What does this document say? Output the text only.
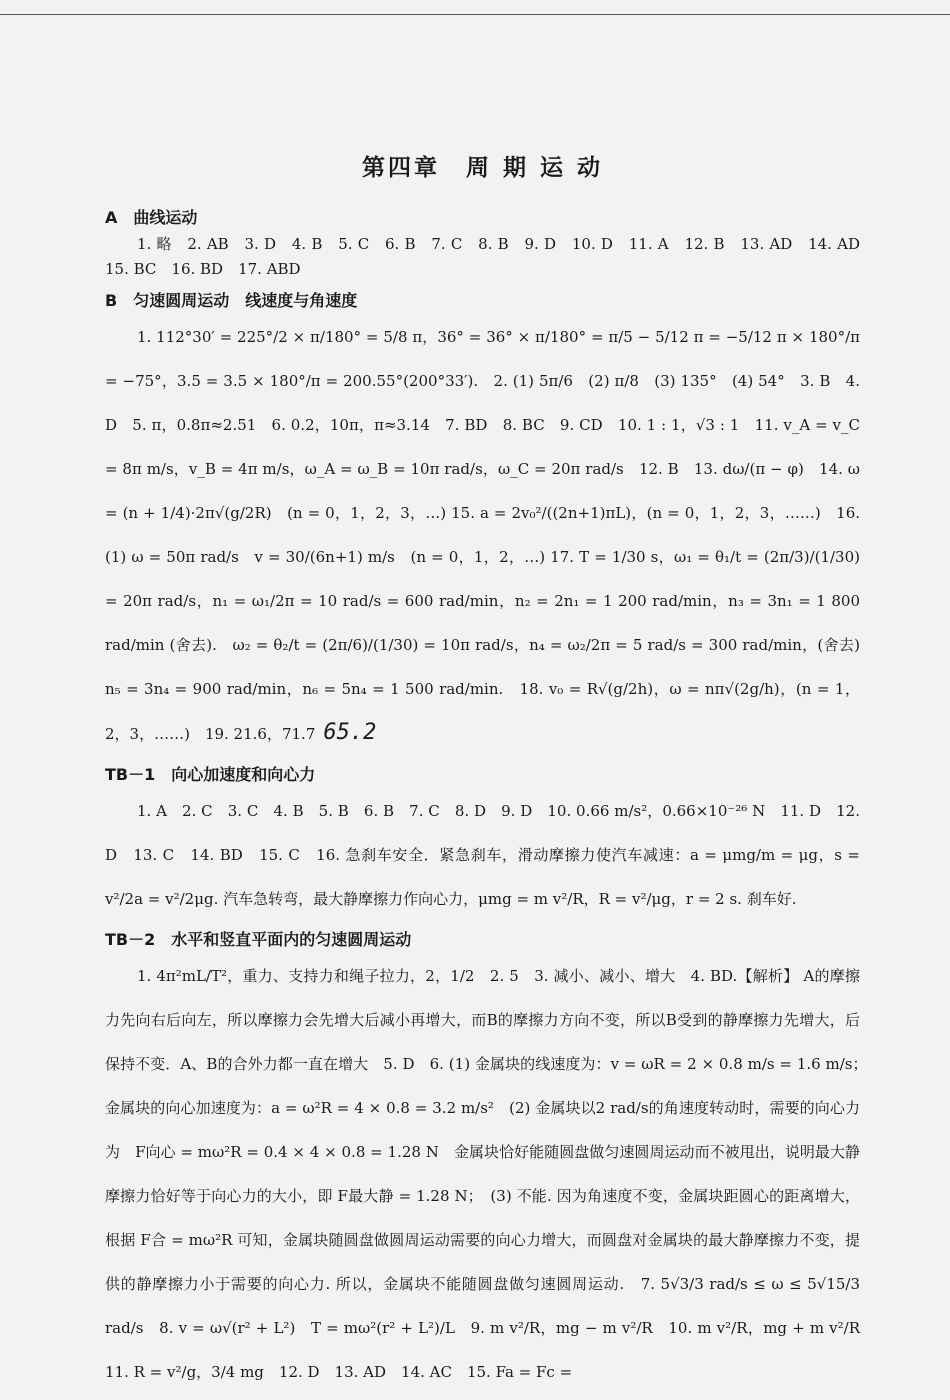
第四章　周 期 运 动
A　曲线运动

1. 略　2. AB　3. D　4. B　5. C　6. B　7. C　8. B　9. D　10. D　11. A　12. B　13. AD　14. AD　15. BC　16. BD　17. ABD

B　匀速圆周运动　线速度与角速度

1. 112°30′ = 225°/2 × π/180° = 5/8 π，36° = 36° × π/180° = π/5 − 5/12 π = −5/12 π × 180°/π = −75°，3.5 = 3.5 × 180°/π = 200.55°(200°33′).　2. (1) 5π/6　(2) π/8　(3) 135°　(4) 54°　3. B　4. D　5. π，0.8π≈2.51　6. 0.2，10π，π≈3.14　7. BD　8. BC　9. CD　10. 1 : 1，√3 : 1　11. v_A = v_C = 8π m/s，v_B = 4π m/s，ω_A = ω_B = 10π rad/s，ω_C = 20π rad/s　12. B　13. dω/(π − φ)　14. ω = (n + 1/4)·2π√(g/2R)　(n = 0，1，2，3，…) 15. a = 2v₀²/((2n+1)πL)，(n = 0，1，2，3，……)　16. (1) ω = 50π rad/s　v = 30/(6n+1) m/s　(n = 0，1，2，…) 17. T = 1/30 s，ω₁ = θ₁/t = (2π/3)/(1/30) = 20π rad/s，n₁ = ω₁/2π = 10 rad/s = 600 rad/min，n₂ = 2n₁ = 1 200 rad/min，n₃ = 3n₁ = 1 800 rad/min (舍去).　ω₂ = θ₂/t = (2π/6)/(1/30) = 10π rad/s，n₄ = ω₂/2π = 5 rad/s = 300 rad/min，(舍去) n₅ = 3n₄ = 900 rad/min，n₆ = 5n₄ = 1 500 rad/min.　18. v₀ = R√(g/2h)，ω = nπ√(2g/h)，(n = 1，2，3，……)　19. 21.6，71.7 65.2

TB－1　向心加速度和向心力

1. A　2. C　3. C　4. B　5. B　6. B　7. C　8. D　9. D　10. 0.66 m/s²，0.66×10⁻²⁶ N　11. D　12. D　13. C　14. BD　15. C　16. 急刹车安全．紧急刹车，滑动摩擦力使汽车减速：a = μmg/m = μg，s = v²/2a = v²/2μg. 汽车急转弯，最大静摩擦力作向心力，μmg = m v²/R，R = v²/μg，r = 2 s. 刹车好.

TB－2　水平和竖直平面内的匀速圆周运动

1. 4π²mL/T²，重力、支持力和绳子拉力，2，1/2　2. 5　3. 减小、减小、增大　4. BD.【解析】 A的摩擦力先向右后向左，所以摩擦力会先增大后减小再增大，而B的摩擦力方向不变，所以B受到的静摩擦力先增大，后保持不变．A、B的合外力都一直在增大　5. D　6. (1) 金属块的线速度为：v = ωR = 2 × 0.8 m/s = 1.6 m/s；　金属块的向心加速度为：a = ω²R = 4 × 0.8 = 3.2 m/s²　(2) 金属块以2 rad/s的角速度转动时，需要的向心力为　F向心 = mω²R = 0.4 × 4 × 0.8 = 1.28 N　金属块恰好能随圆盘做匀速圆周运动而不被甩出，说明最大静摩擦力恰好等于向心力的大小，即 F最大静 = 1.28 N；　(3) 不能. 因为角速度不变，金属块距圆心的距离增大，根据 F合 = mω²R 可知，金属块随圆盘做圆周运动需要的向心力增大，而圆盘对金属块的最大静摩擦力不变，提供的静摩擦力小于需要的向心力. 所以，金属块不能随圆盘做匀速圆周运动.　7. 5√3/3 rad/s ≤ ω ≤ 5√15/3 rad/s　8. v = ω√(r² + L²)　T = mω²(r² + L²)/L　9. m v²/R，mg − m v²/R　10. m v²/R，mg + m v²/R　11. R = v²/g，3/4 mg　12. D　13. AD　14. AC　15. Fa = Fc =
